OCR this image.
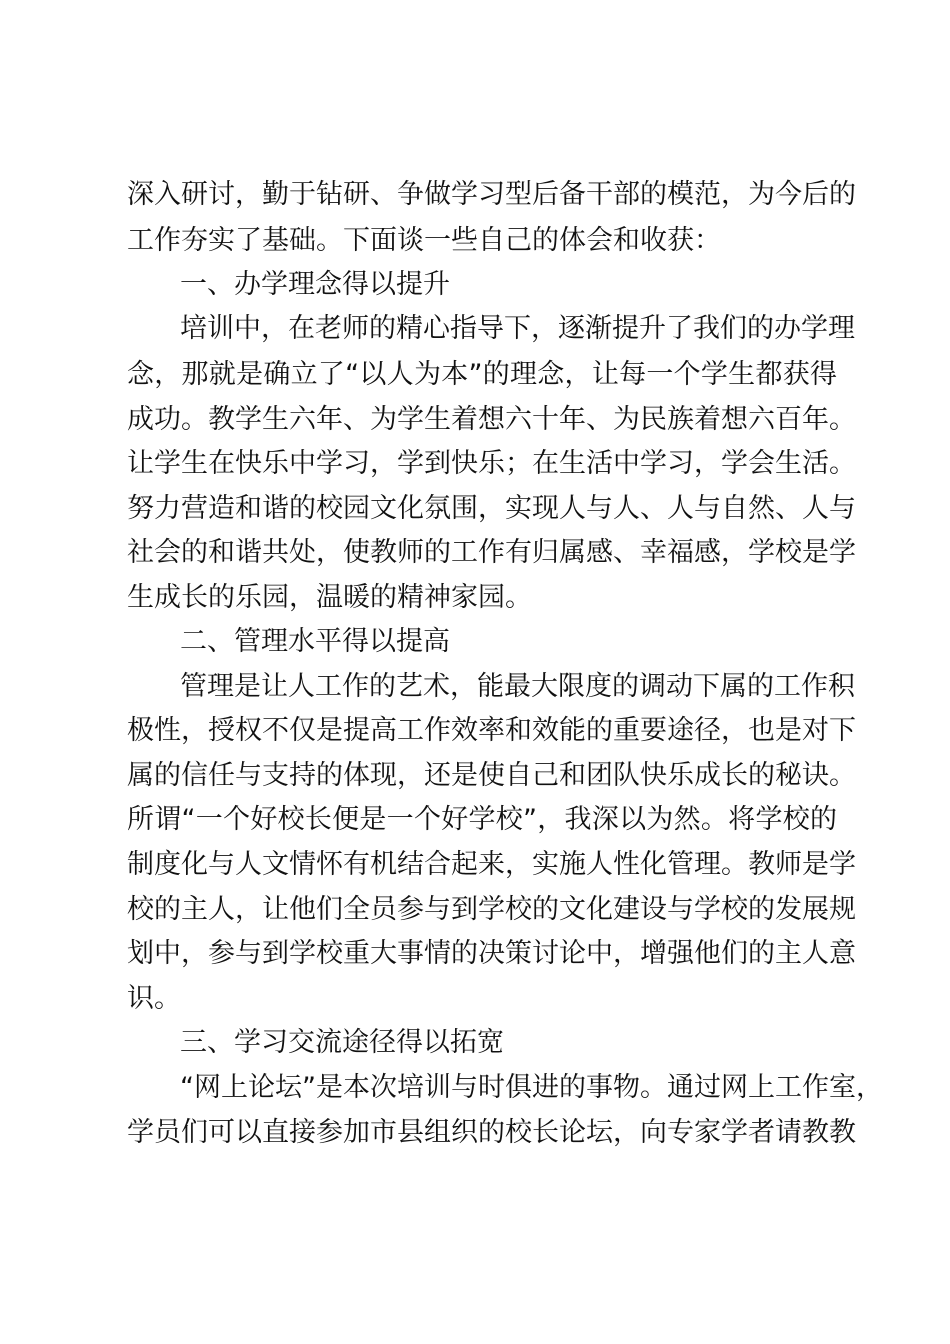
深入研讨，勤于钻研、争做学习型后备干部的模范，为今后的
工作夯实了基础。下面谈一些自己的体会和收获：
一、办学理念得以提升
培训中，在老师的精心指导下，逐渐提升了我们的办学理
念，那就是确立了“以人为本”的理念，让每一个学生都获得
成功。教学生六年、为学生着想六十年、为民族着想六百年。
让学生在快乐中学习，学到快乐；在生活中学习，学会生活。
努力营造和谐的校园文化氛围，实现人与人、人与自然、人与
社会的和谐共处，使教师的工作有归属感、幸福感，学校是学
生成长的乐园，温暖的精神家园。
二、管理水平得以提高
管理是让人工作的艺术，能最大限度的调动下属的工作积
极性，授权不仅是提高工作效率和效能的重要途径，也是对下
属的信任与支持的体现，还是使自己和团队快乐成长的秘诀。
所谓“一个好校长便是一个好学校”，我深以为然。将学校的
制度化与人文情怀有机结合起来，实施人性化管理。教师是学
校的主人，让他们全员参与到学校的文化建设与学校的发展规
划中，参与到学校重大事情的决策讨论中，增强他们的主人意
识。
三、学习交流途径得以拓宽
“网上论坛”是本次培训与时俱进的事物。通过网上工作室，
学员们可以直接参加市县组织的校长论坛，向专家学者请教教
